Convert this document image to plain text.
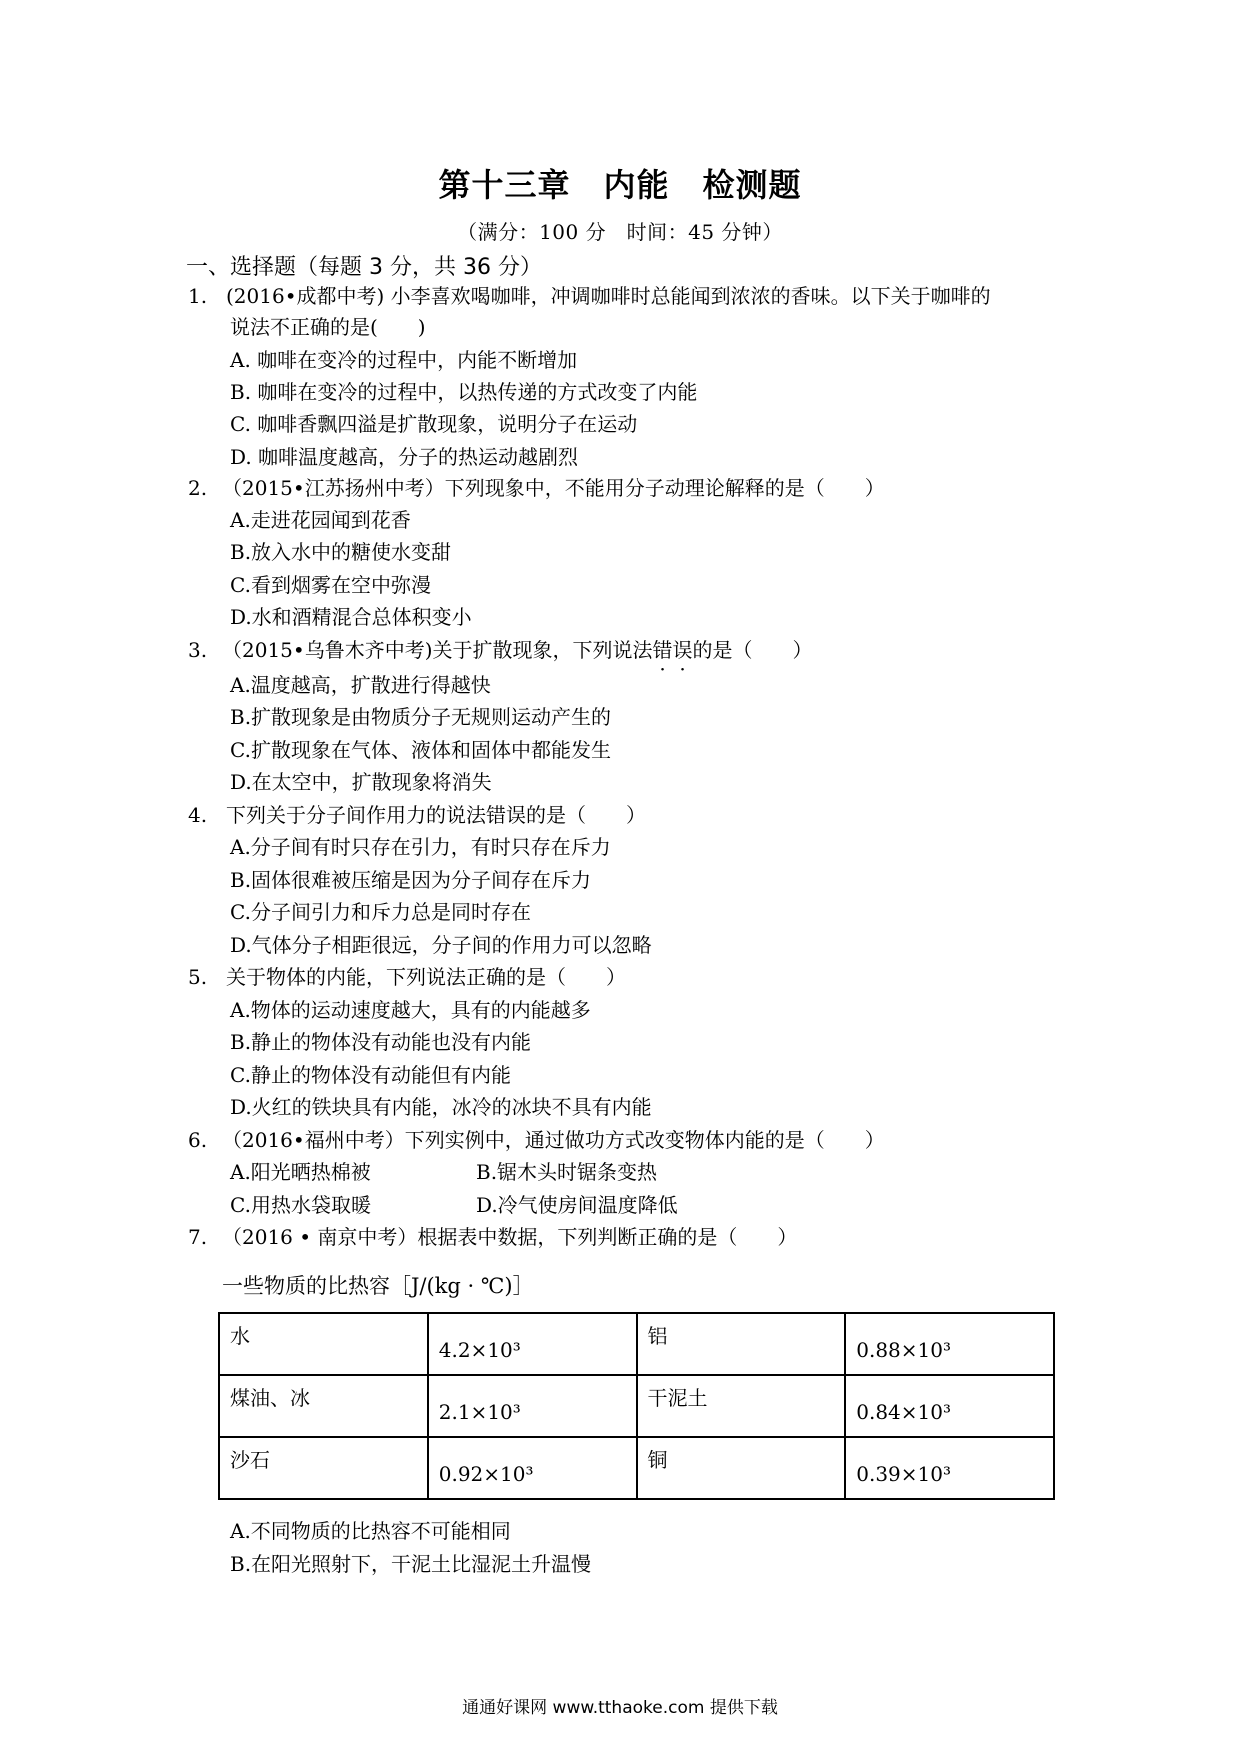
第十三章　内能　检测题
（满分：100 分　时间：45 分钟）
一、选择题（每题 3 分，共 36 分）
1. (2016•成都中考) 小李喜欢喝咖啡，冲调咖啡时总能闻到浓浓的香味。以下关于咖啡的
说法不正确的是(　　)
A. 咖啡在变冷的过程中，内能不断增加
B. 咖啡在变冷的过程中，以热传递的方式改变了内能
C. 咖啡香飘四溢是扩散现象，说明分子在运动
D. 咖啡温度越高，分子的热运动越剧烈
2. （2015•江苏扬州中考）下列现象中，不能用分子动理论解释的是（　　）
A.走进花园闻到花香
B.放入水中的糖使水变甜
C.看到烟雾在空中弥漫
D.水和酒精混合总体积变小
3. （2015•乌鲁木齐中考)关于扩散现象，下列说法错误的是（　　）
A.温度越高，扩散进行得越快
B.扩散现象是由物质分子无规则运动产生的
C.扩散现象在气体、液体和固体中都能发生
D.在太空中，扩散现象将消失
4. 下列关于分子间作用力的说法错误的是（　　）
A.分子间有时只存在引力，有时只存在斥力
B.固体很难被压缩是因为分子间存在斥力
C.分子间引力和斥力总是同时存在
D.气体分子相距很远，分子间的作用力可以忽略
5. 关于物体的内能，下列说法正确的是（　　）
A.物体的运动速度越大，具有的内能越多
B.静止的物体没有动能也没有内能
C.静止的物体没有动能但有内能
D.火红的铁块具有内能，冰冷的冰块不具有内能
6. （2016•福州中考）下列实例中，通过做功方式改变物体内能的是（　　）
A.阳光晒热棉被	B.锯木头时锯条变热
C.用热水袋取暖	D.冷气使房间温度降低
7. （2016 • 南京中考）根据表中数据，下列判断正确的是（　　）
一些物质的比热容［J/(kg · ℃)］
水	4.2×10³	铝	0.88×10³
煤油、冰	2.1×10³	干泥土	0.84×10³
沙石	0.92×10³	铜	0.39×10³
A.不同物质的比热容不可能相同
B.在阳光照射下，干泥土比湿泥土升温慢
通通好课网 www.tthaoke.com 提供下载
